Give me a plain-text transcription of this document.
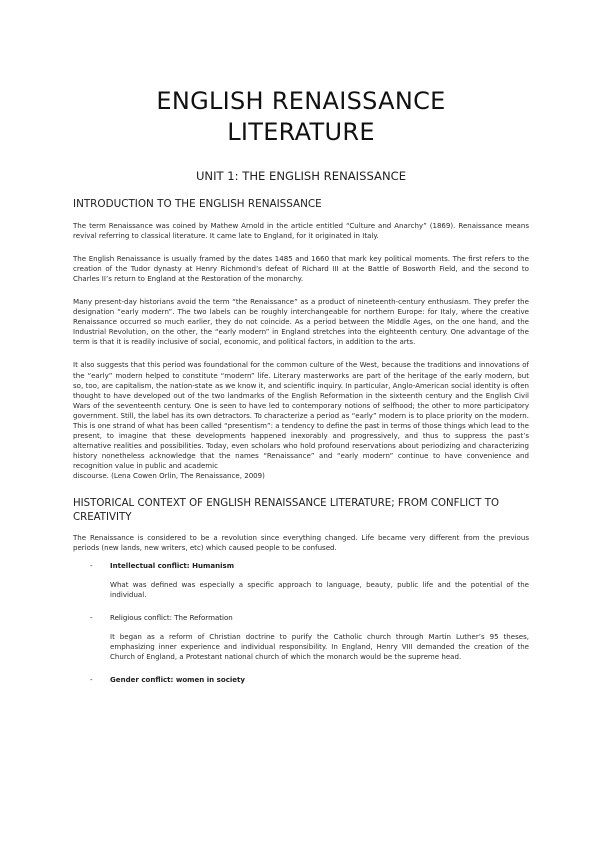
ENGLISH RENAISSANCE
LITERATURE
UNIT 1: THE ENGLISH RENAISSANCE
INTRODUCTION TO THE ENGLISH RENAISSANCE

The term Renaissance was coined by Mathew Arnold in the article entitled “Culture and Anarchy” (1869). Renaissance means revival referring to classical literature. It came late to England, for it originated in Italy.

The English Renaissance is usually framed by the dates 1485 and 1660 that mark key political moments. The first refers to the creation of the Tudor dynasty at Henry Richmond’s defeat of Richard III at the Battle of Bosworth Field, and the second to Charles II’s return to England at the Restoration of the monarchy.

Many present-day historians avoid the term “the Renaissance” as a product of nineteenth-century enthusiasm. They prefer the designation “early modern”. The two labels can be roughly interchangeable for northern Europe: for Italy, where the creative Renaissance occurred so much earlier, they do not coincide. As a period between the Middle Ages, on the one hand, and the Industrial Revolution, on the other, the “early modern” in England stretches into the eighteenth century. One advantage of the term is that it is readily inclusive of social, economic, and political factors, in addition to the arts.

It also suggests that this period was foundational for the common culture of the West, because the traditions and innovations of the “early” modern helped to constitute “modern” life. Literary masterworks are part of the heritage of the early modern, but so, too, are capitalism, the nation-state as we know it, and scientific inquiry. In particular, Anglo-American social identity is often thought to have developed out of the two landmarks of the English Reformation in the sixteenth century and the English Civil Wars of the seventeenth century. One is seen to have led to contemporary notions of selfhood; the other to more participatory government. Still, the label has its own detractors. To characterize a period as “early” modern is to place priority on the modern. This is one strand of what has been called “presentism”: a tendency to define the past in terms of those things which lead to the present, to imagine that these developments happened inexorably and progressively, and thus to suppress the past’s alternative realities and possibilities. Today, even scholars who hold profound reservations about periodizing and characterizing history nonetheless acknowledge that the names “Renaissance” and “early modern” continue to have convenience and recognition value in public and academic
discourse. (Lena Cowen Orlin, The Renaissance, 2009)

HISTORICAL CONTEXT OF ENGLISH RENAISSANCE LITERATURE; FROM CONFLICT TO CREATIVITY

The Renaissance is considered to be a revolution since everything changed. Life became very different from the previous periods (new lands, new writers, etc) which caused people to be confused.

- Intellectual conflict: Humanism
What was defined was especially a specific approach to language, beauty, public life and the potential of the individual.
- Religious conflict: The Reformation
It began as a reform of Christian doctrine to purify the Catholic church through Martin Luther’s 95 theses, emphasizing inner experience and individual responsibility. In England, Henry VIII demanded the creation of the Church of England, a Protestant national church of which the monarch would be the supreme head.
- Gender conflict: women in society
